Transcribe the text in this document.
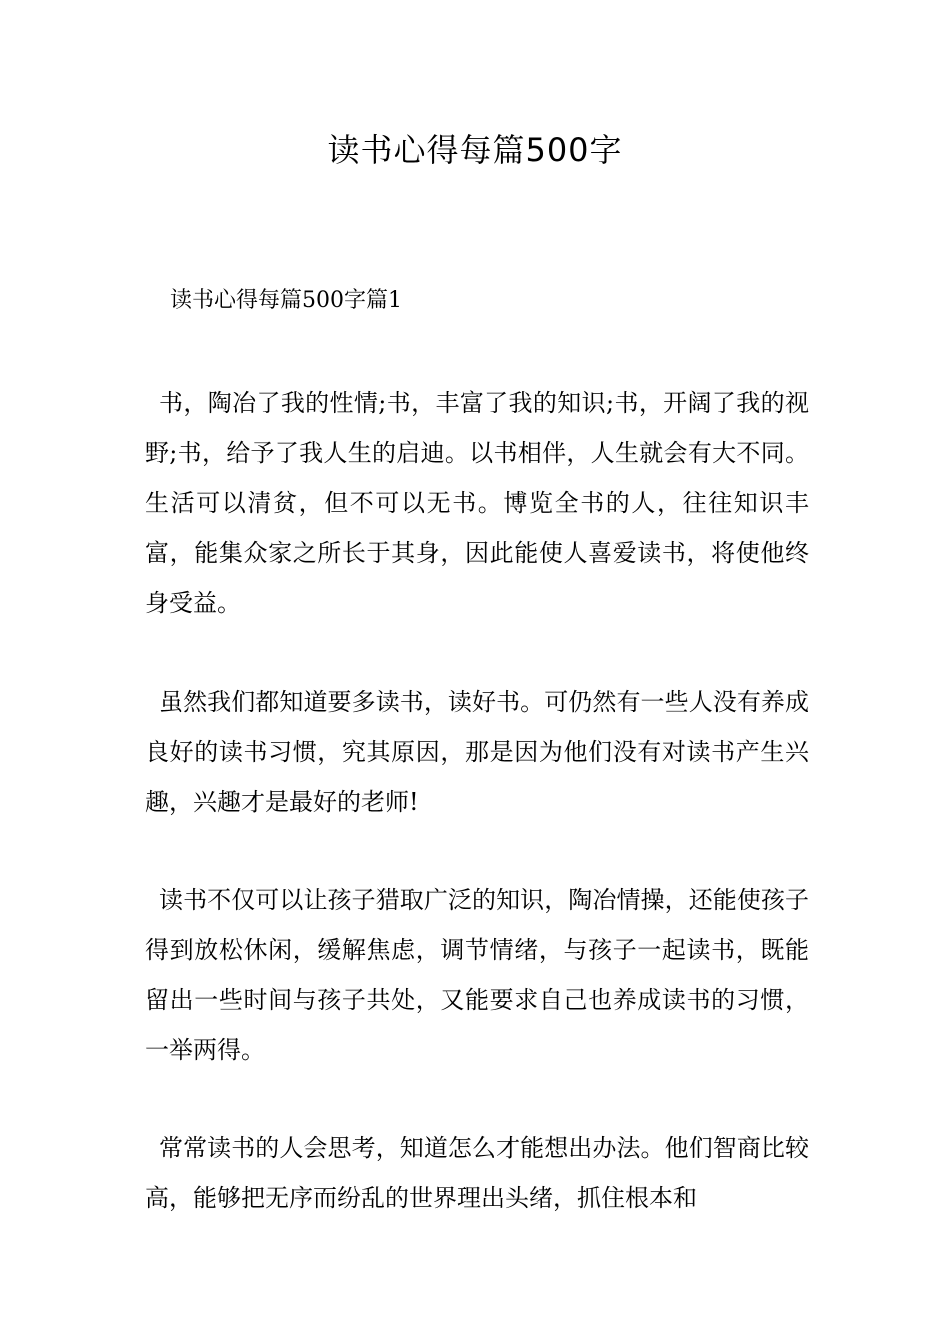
读书心得每篇500字
读书心得每篇500字篇1

书，陶冶了我的性情;书，丰富了我的知识;书，开阔了我的视野;书，给予了我人生的启迪。以书相伴，人生就会有大不同。生活可以清贫，但不可以无书。博览全书的人，往往知识丰富，能集众家之所长于其身，因此能使人喜爱读书，将使他终身受益。

虽然我们都知道要多读书，读好书。可仍然有一些人没有养成良好的读书习惯，究其原因，那是因为他们没有对读书产生兴趣，兴趣才是最好的老师!

读书不仅可以让孩子猎取广泛的知识，陶冶情操，还能使孩子得到放松休闲，缓解焦虑，调节情绪，与孩子一起读书，既能留出一些时间与孩子共处，又能要求自己也养成读书的习惯，一举两得。

常常读书的人会思考，知道怎么才能想出办法。他们智商比较高，能够把无序而纷乱的世界理出头绪，抓住根本和
